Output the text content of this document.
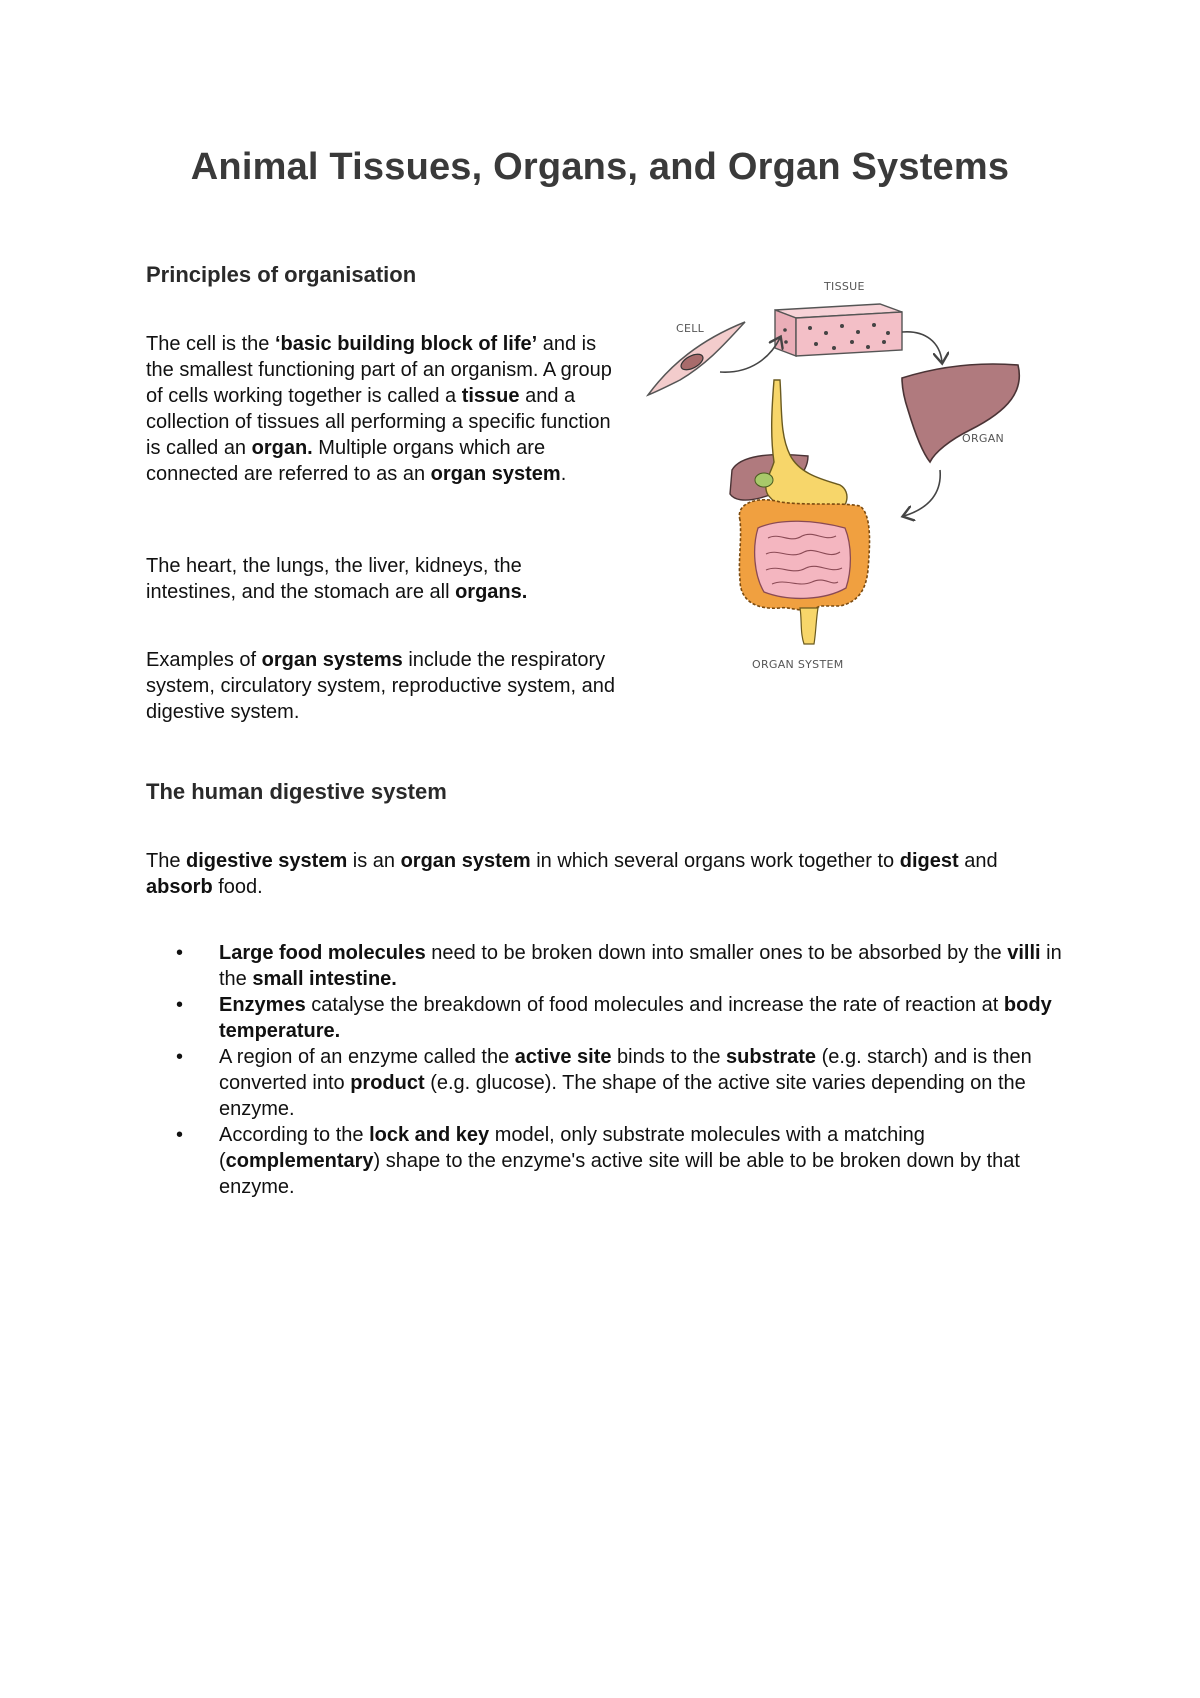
Animal Tissues, Organs, and Organ Systems
Principles of organisation

The cell is the ‘basic building block of life’ and is the smallest functioning part of an organism. A group of cells working together is called a tissue and a collection of tissues all performing a specific function is called an organ. Multiple organs which are connected are referred to as an organ system.

The heart, the lungs, the liver, kidneys, the intestines, and the stomach are all organs.

Examples of organ systems include the respiratory system, circulatory system, reproductive system, and digestive system.

CELL
TISSUE
ORGAN
ORGAN SYSTEM
The human digestive system

The digestive system is an organ system in which several organs work together to digest and absorb food.

• Large food molecules need to be broken down into smaller ones to be absorbed by the villi in the small intestine.
• Enzymes catalyse the breakdown of food molecules and increase the rate of reaction at body temperature.
• A region of an enzyme called the active site binds to the substrate (e.g. starch) and is then converted into product (e.g. glucose). The shape of the active site varies depending on the enzyme.
• According to the lock and key model, only substrate molecules with a matching (complementary) shape to the enzyme's active site will be able to be broken down by that enzyme.
